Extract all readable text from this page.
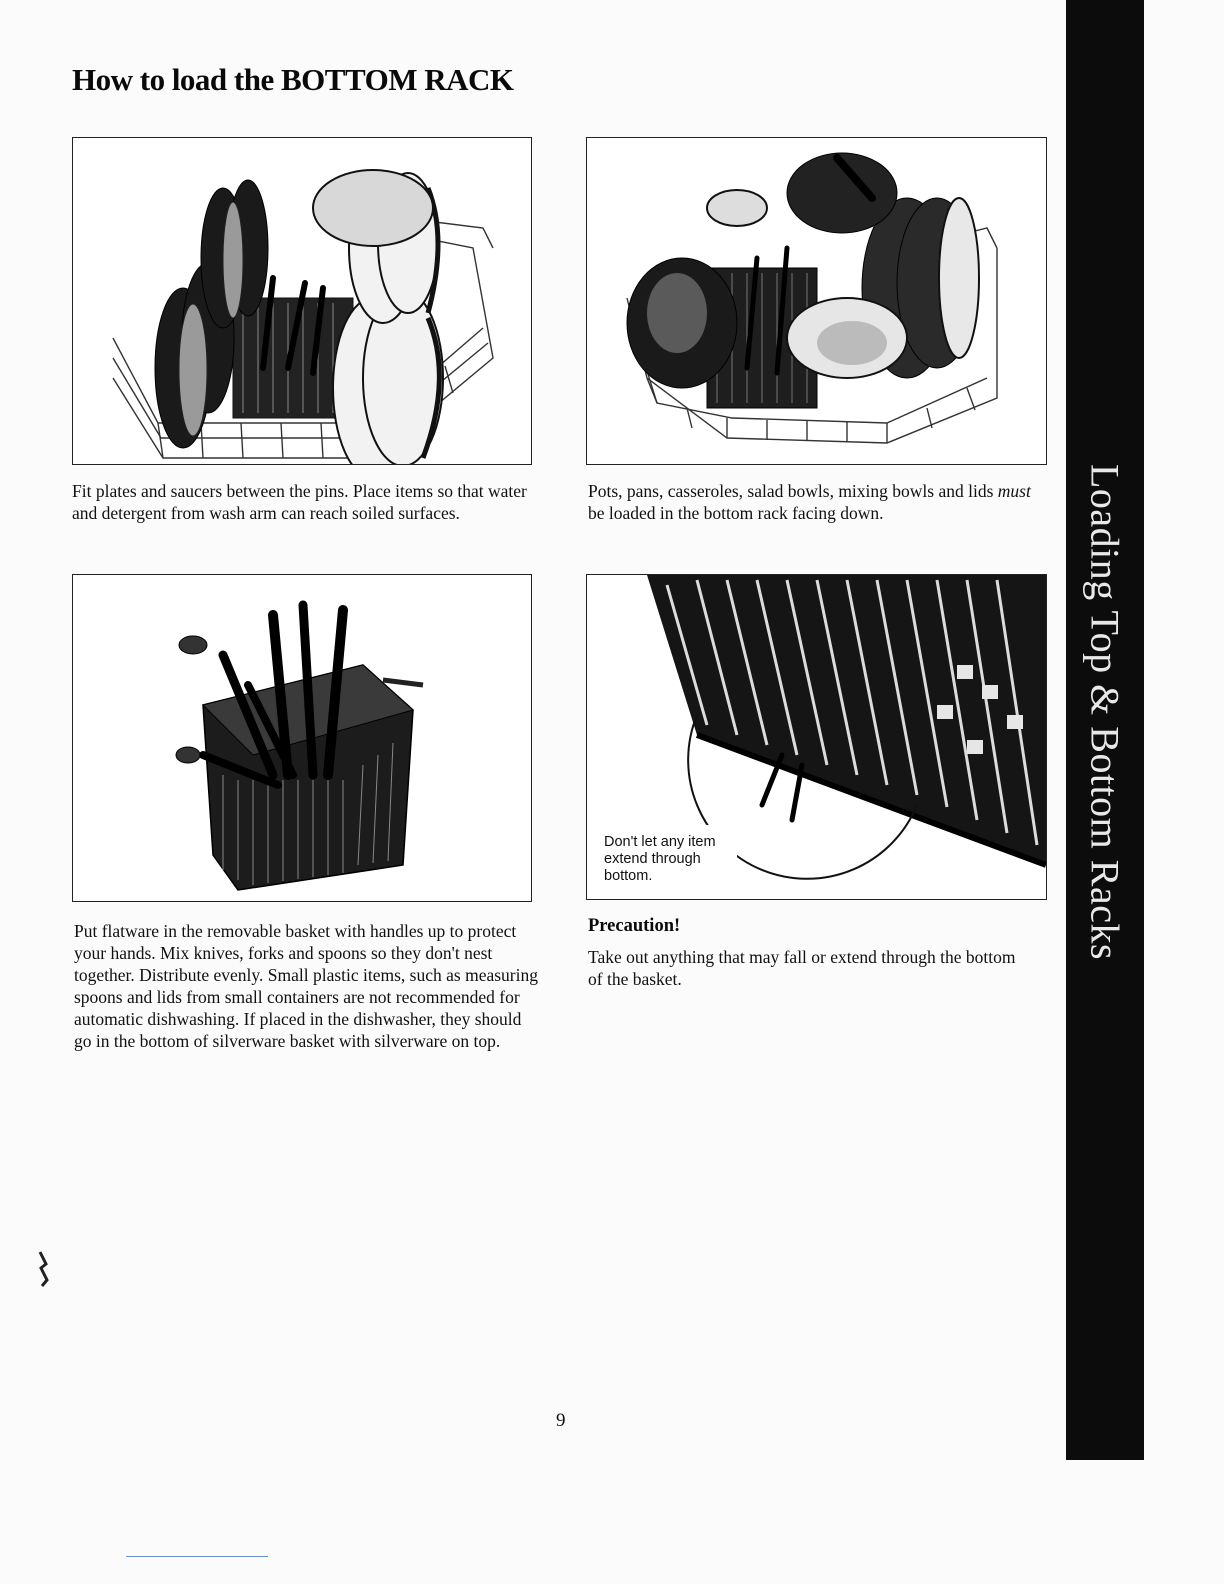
How to load the BOTTOM RACK

Fit plates and saucers between the pins. Place items so that water and detergent from wash arm can reach soiled surfaces.

Pots, pans, casseroles, salad bowls, mixing bowls and lids must be loaded in the bottom rack facing down.

Put flatware in the removable basket with handles up to protect your hands. Mix knives, forks and spoons so they don't nest together. Distribute evenly. Small plastic items, such as measuring spoons and lids from small containers are not recommended for automatic dishwashing. If placed in the dishwasher, they should go in the bottom of silverware basket with silverware on top.

Don't let any item extend through bottom.

Precaution!

Take out anything that may fall or extend through the bottom of the basket.

9

Loading Top & Bottom Racks
